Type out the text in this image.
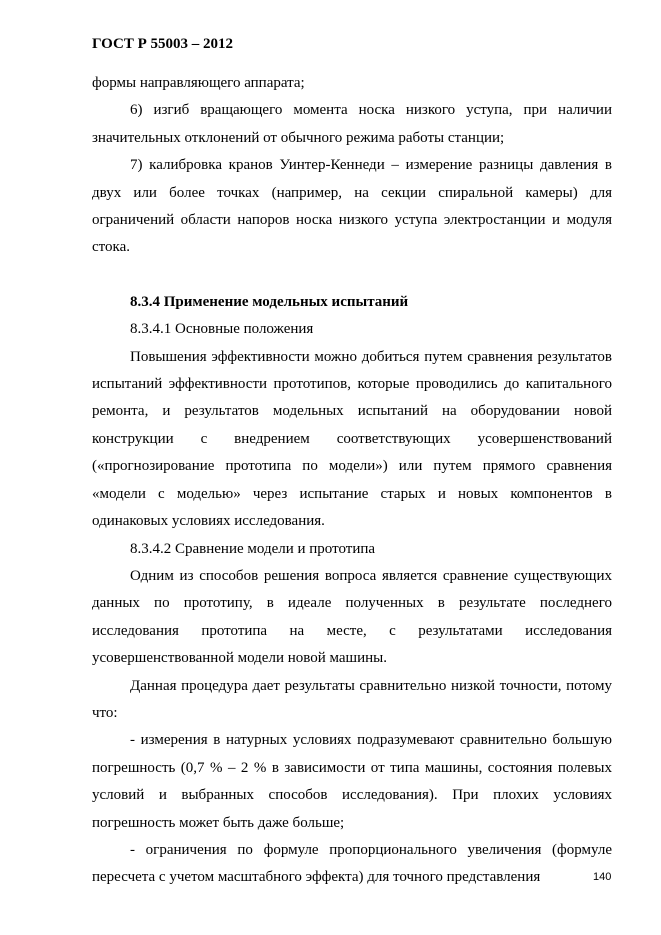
ГОСТ Р 55003 – 2012

формы направляющего аппарата;

6) изгиб вращающего момента носка низкого уступа, при наличии значительных отклонений от обычного режима работы станции;

7) калибровка кранов Уинтер-Кеннеди – измерение разницы давления в двух или более точках (например, на секции спиральной камеры) для ограничений области напоров носка низкого уступа электростанции и модуля стока.

8.3.4 Применение модельных испытаний

8.3.4.1 Основные положения

Повышения эффективности можно добиться путем сравнения результатов испытаний эффективности прототипов, которые проводились до капитального ремонта, и результатов модельных испытаний на оборудовании новой конструкции с внедрением соответствующих усовершенствований («прогнозирование прототипа по модели») или путем прямого сравнения «модели с моделью» через испытание старых и новых компонентов в одинаковых условиях исследования.

8.3.4.2 Сравнение модели и прототипа

Одним из способов решения вопроса является сравнение существующих данных по прототипу, в идеале полученных в результате последнего исследования прототипа на месте, с результатами исследования усовершенствованной модели новой машины.

Данная процедура дает результаты сравнительно низкой точности, потому что:

- измерения в натурных условиях подразумевают сравнительно большую погрешность (0,7 % – 2 % в зависимости от типа машины, состояния полевых условий и выбранных способов исследования). При плохих условиях погрешность может быть даже больше;

- ограничения по формуле пропорционального увеличения (формуле пересчета с учетом масштабного эффекта) для точного представления	140
